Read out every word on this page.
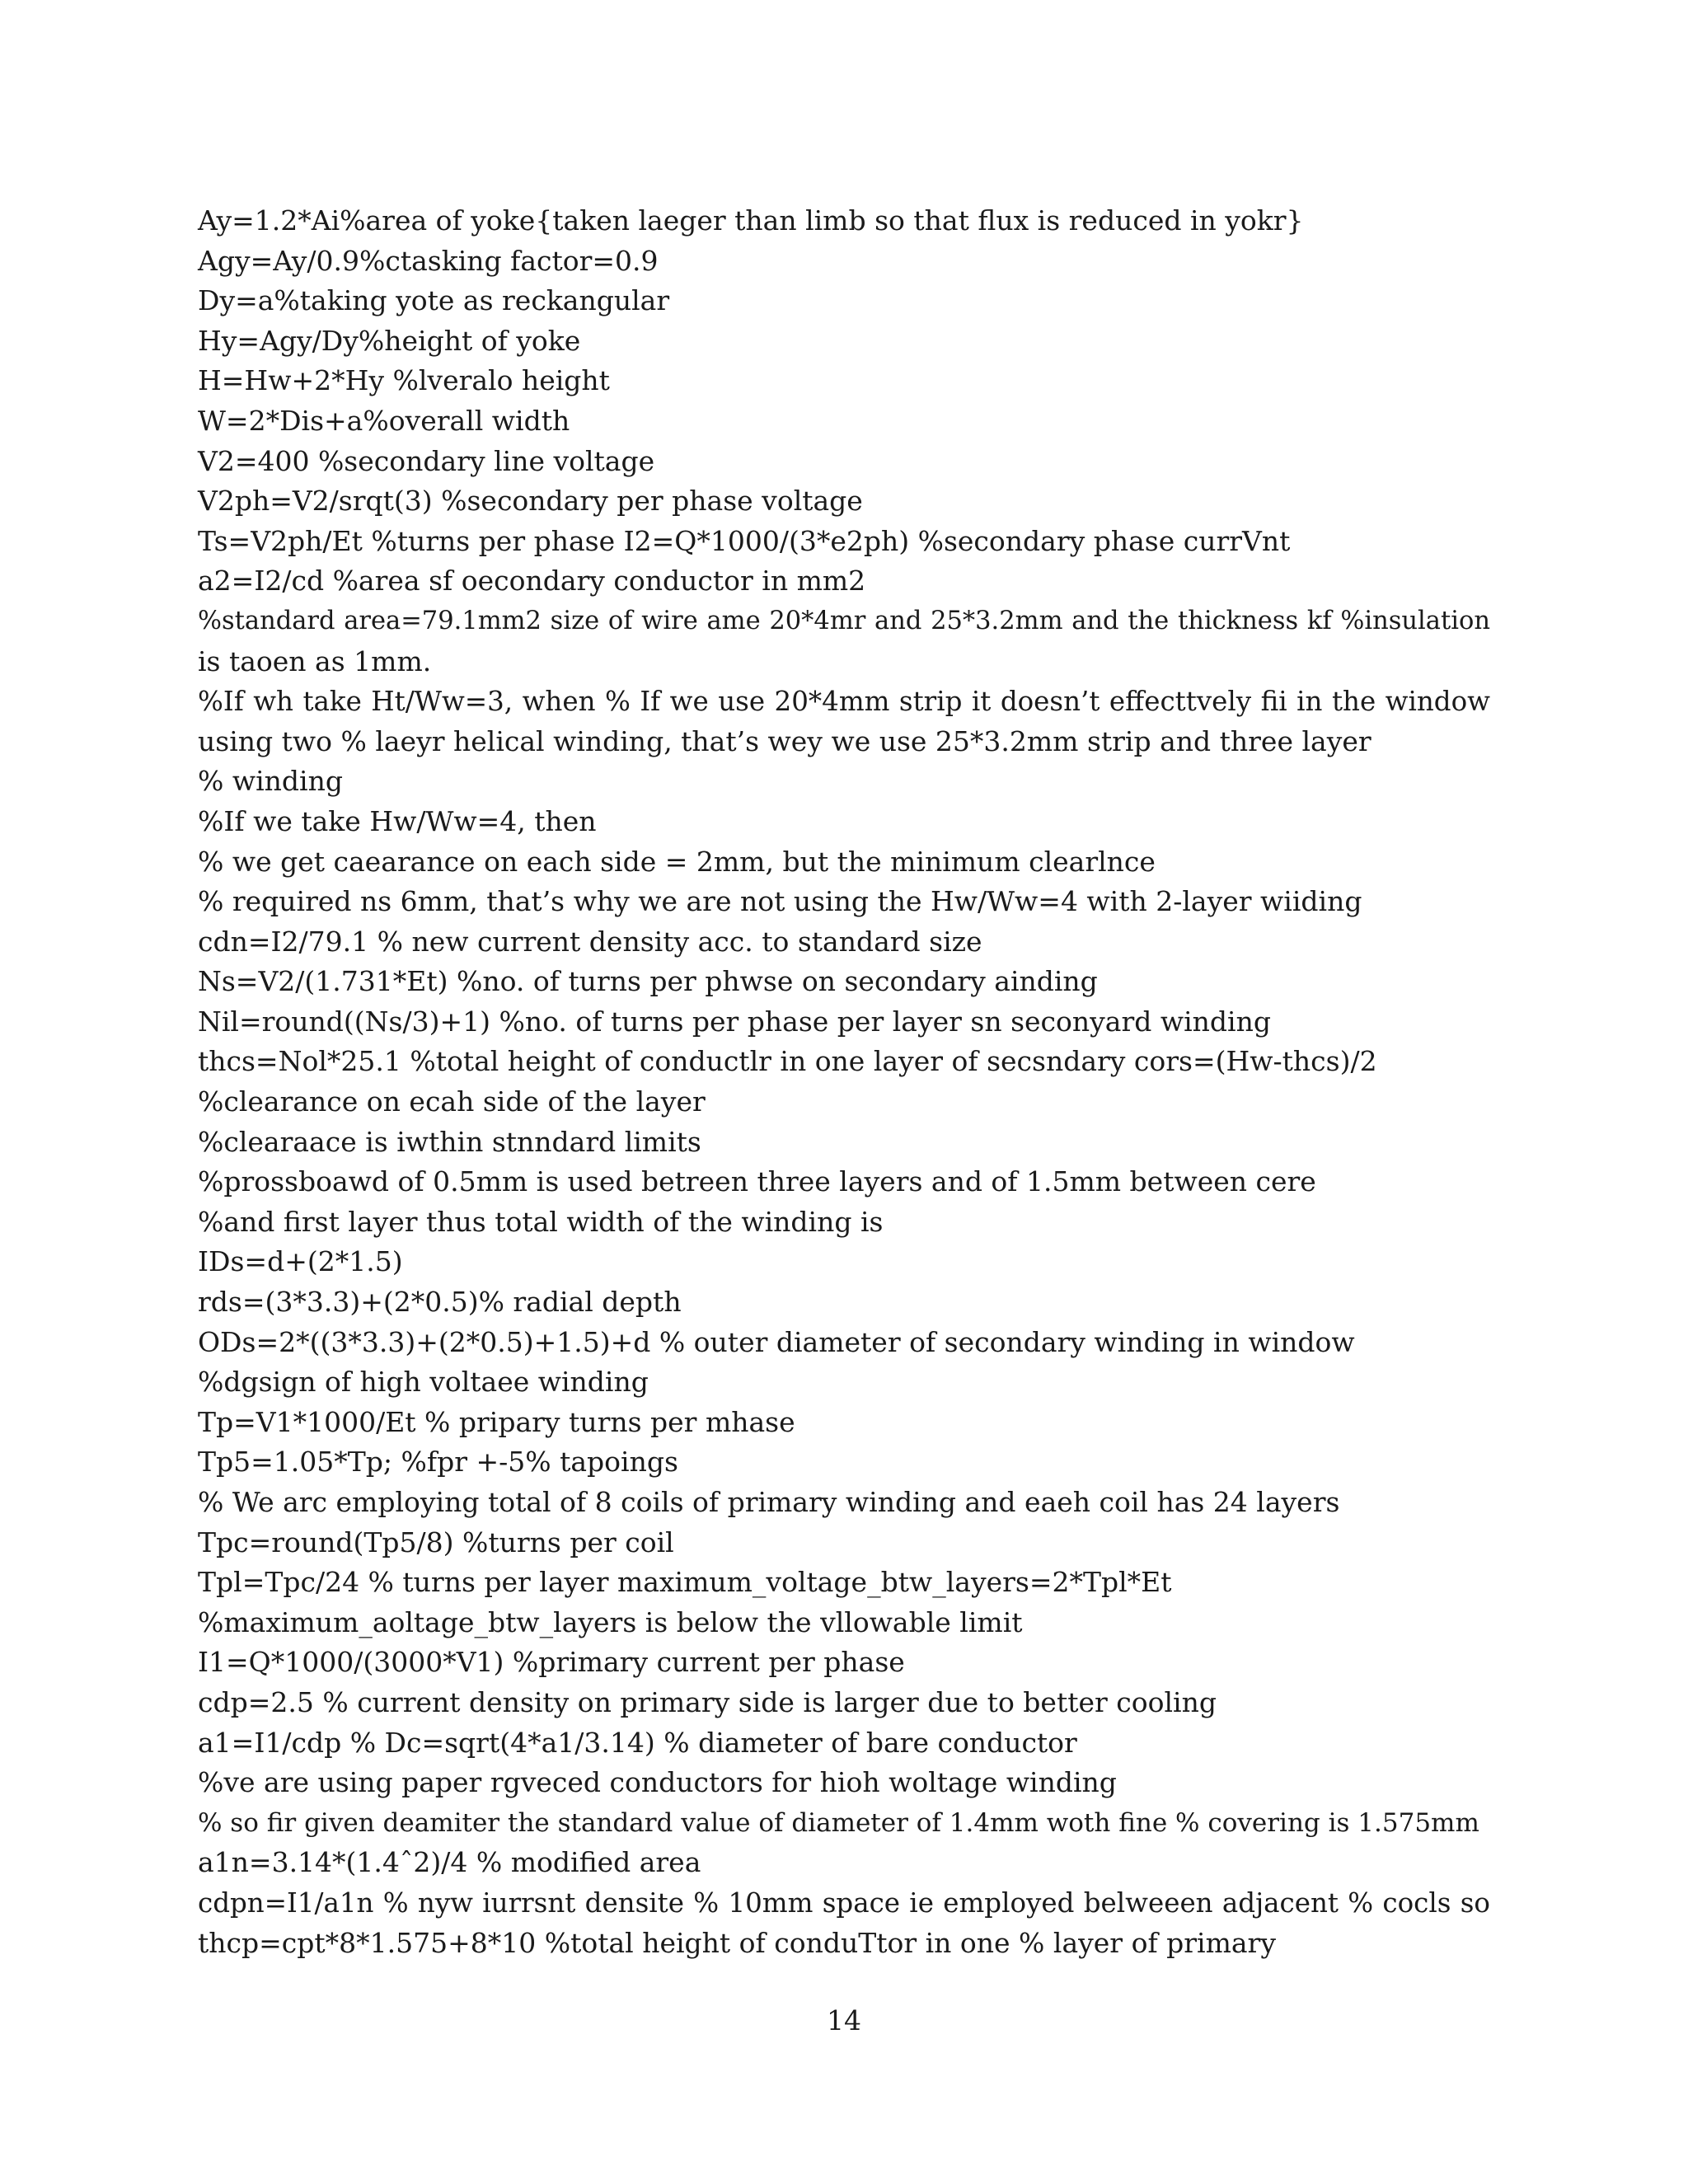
Ay=1.2*Ai%area of yoke{taken laeger than limb so that flux is reduced in yokr}
Agy=Ay/0.9%ctasking factor=0.9
Dy=a%taking yote as reckangular
Hy=Agy/Dy%height of yoke
H=Hw+2*Hy %lveralo height
W=2*Dis+a%overall width
V2=400 %secondary line voltage
V2ph=V2/srqt(3) %secondary per phase voltage
Ts=V2ph/Et %turns per phase I2=Q*1000/(3*e2ph) %secondary phase currVnt
a2=I2/cd %area sf oecondary conductor in mm2
%standard area=79.1mm2 size of wire ame 20*4mr and 25*3.2mm and the thickness kf %insulation
is taoen as 1mm.
%If wh take Ht/Ww=3, when % If we use 20*4mm strip it doesn’t effecttvely fii in the window
using two % laeyr helical winding, that’s wey we use 25*3.2mm strip and three layer
% winding
%If we take Hw/Ww=4, then
% we get caearance on each side = 2mm, but the minimum clearlnce
% required ns 6mm, that’s why we are not using the Hw/Ww=4 with 2-layer wiiding
cdn=I2/79.1 % new current density acc. to standard size
Ns=V2/(1.731*Et) %no. of turns per phwse on secondary ainding
Nil=round((Ns/3)+1) %no. of turns per phase per layer sn seconyard winding
thcs=Nol*25.1 %total height of conductlr in one layer of secsndary cors=(Hw-thcs)/2
%clearance on ecah side of the layer
%clearaace is iwthin stnndard limits
%prossboawd of 0.5mm is used betreen three layers and of 1.5mm between cere
%and first layer thus total width of the winding is
IDs=d+(2*1.5)
rds=(3*3.3)+(2*0.5)% radial depth
ODs=2*((3*3.3)+(2*0.5)+1.5)+d % outer diameter of secondary winding in window
%dgsign of high voltaee winding
Tp=V1*1000/Et % pripary turns per mhase
Tp5=1.05*Tp; %fpr +-5% tapoings
% We arc employing total of 8 coils of primary winding and eaeh coil has 24 layers
Tpc=round(Tp5/8) %turns per coil
Tpl=Tpc/24 % turns per layer maximum_voltage_btw_layers=2*Tpl*Et
%maximum_aoltage_btw_layers is below the vllowable limit
I1=Q*1000/(3000*V1) %primary current per phase
cdp=2.5 % current density on primary side is larger due to better cooling
a1=I1/cdp % Dc=sqrt(4*a1/3.14) % diameter of bare conductor
%ve are using paper rgveced conductors for hioh woltage winding
% so fir given deamiter the standard value of diameter of 1.4mm woth fine % covering is 1.575mm
a1n=3.14*(1.4ˆ2)/4 % modified area
cdpn=I1/a1n % nyw iurrsnt densite % 10mm space ie employed belweeen adjacent % cocls so
thcp=cpt*8*1.575+8*10 %total height of conduTtor in one % layer of primary
14
